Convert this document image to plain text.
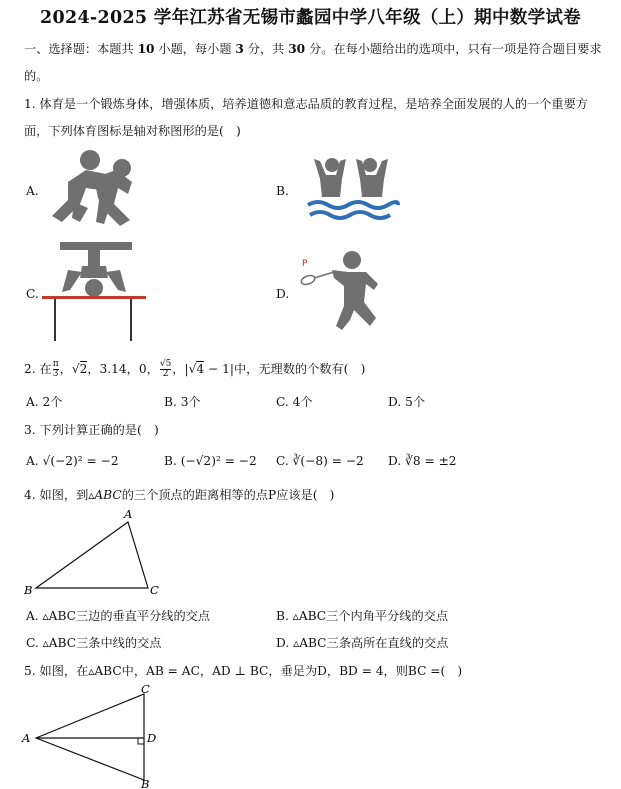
2024-2025 学年江苏省无锡市蠡园中学八年级（上）期中数学试卷
一、选择题：本题共 10 小题，每小题 3 分，共 30 分。在每小题给出的选项中，只有一项是符合题目要求
的。
1. 体育是一个锻炼身体，增强体质，培养道德和意志品质的教育过程，是培养全面发展的人的一个重要方
面，下列体育图标是轴对称图形的是(　)
A.	B.
C.	D.
P
2. 在 $\frac{\pi}{3}$ ，√2，3.14，0， $\frac{√5}{2}$ ，|√4 − 1|中，无理数的个数有(　)
A. 2个	B. 3个	C. 4个	D. 5个
3. 下列计算正确的是(　)
A. √(−2)² = −2	B. (−√2)² = −2 C. ∛(−8) = −2 D. ∛8 = ±2
4. 如图，到▵ABC的三个顶点的距离相等的点P应该是(　)
A
B	C
A. ▵ABC三边的垂直平分线的交点	B. ▵ABC三个内角平分线的交点
C. ▵ABC三条中线的交点	D. ▵ABC三条高所在直线的交点
5. 如图，在▵ABC中，AB = AC，AD ⊥ BC，垂足为D，BD = 4，则BC =(　)
A
C
D
B
